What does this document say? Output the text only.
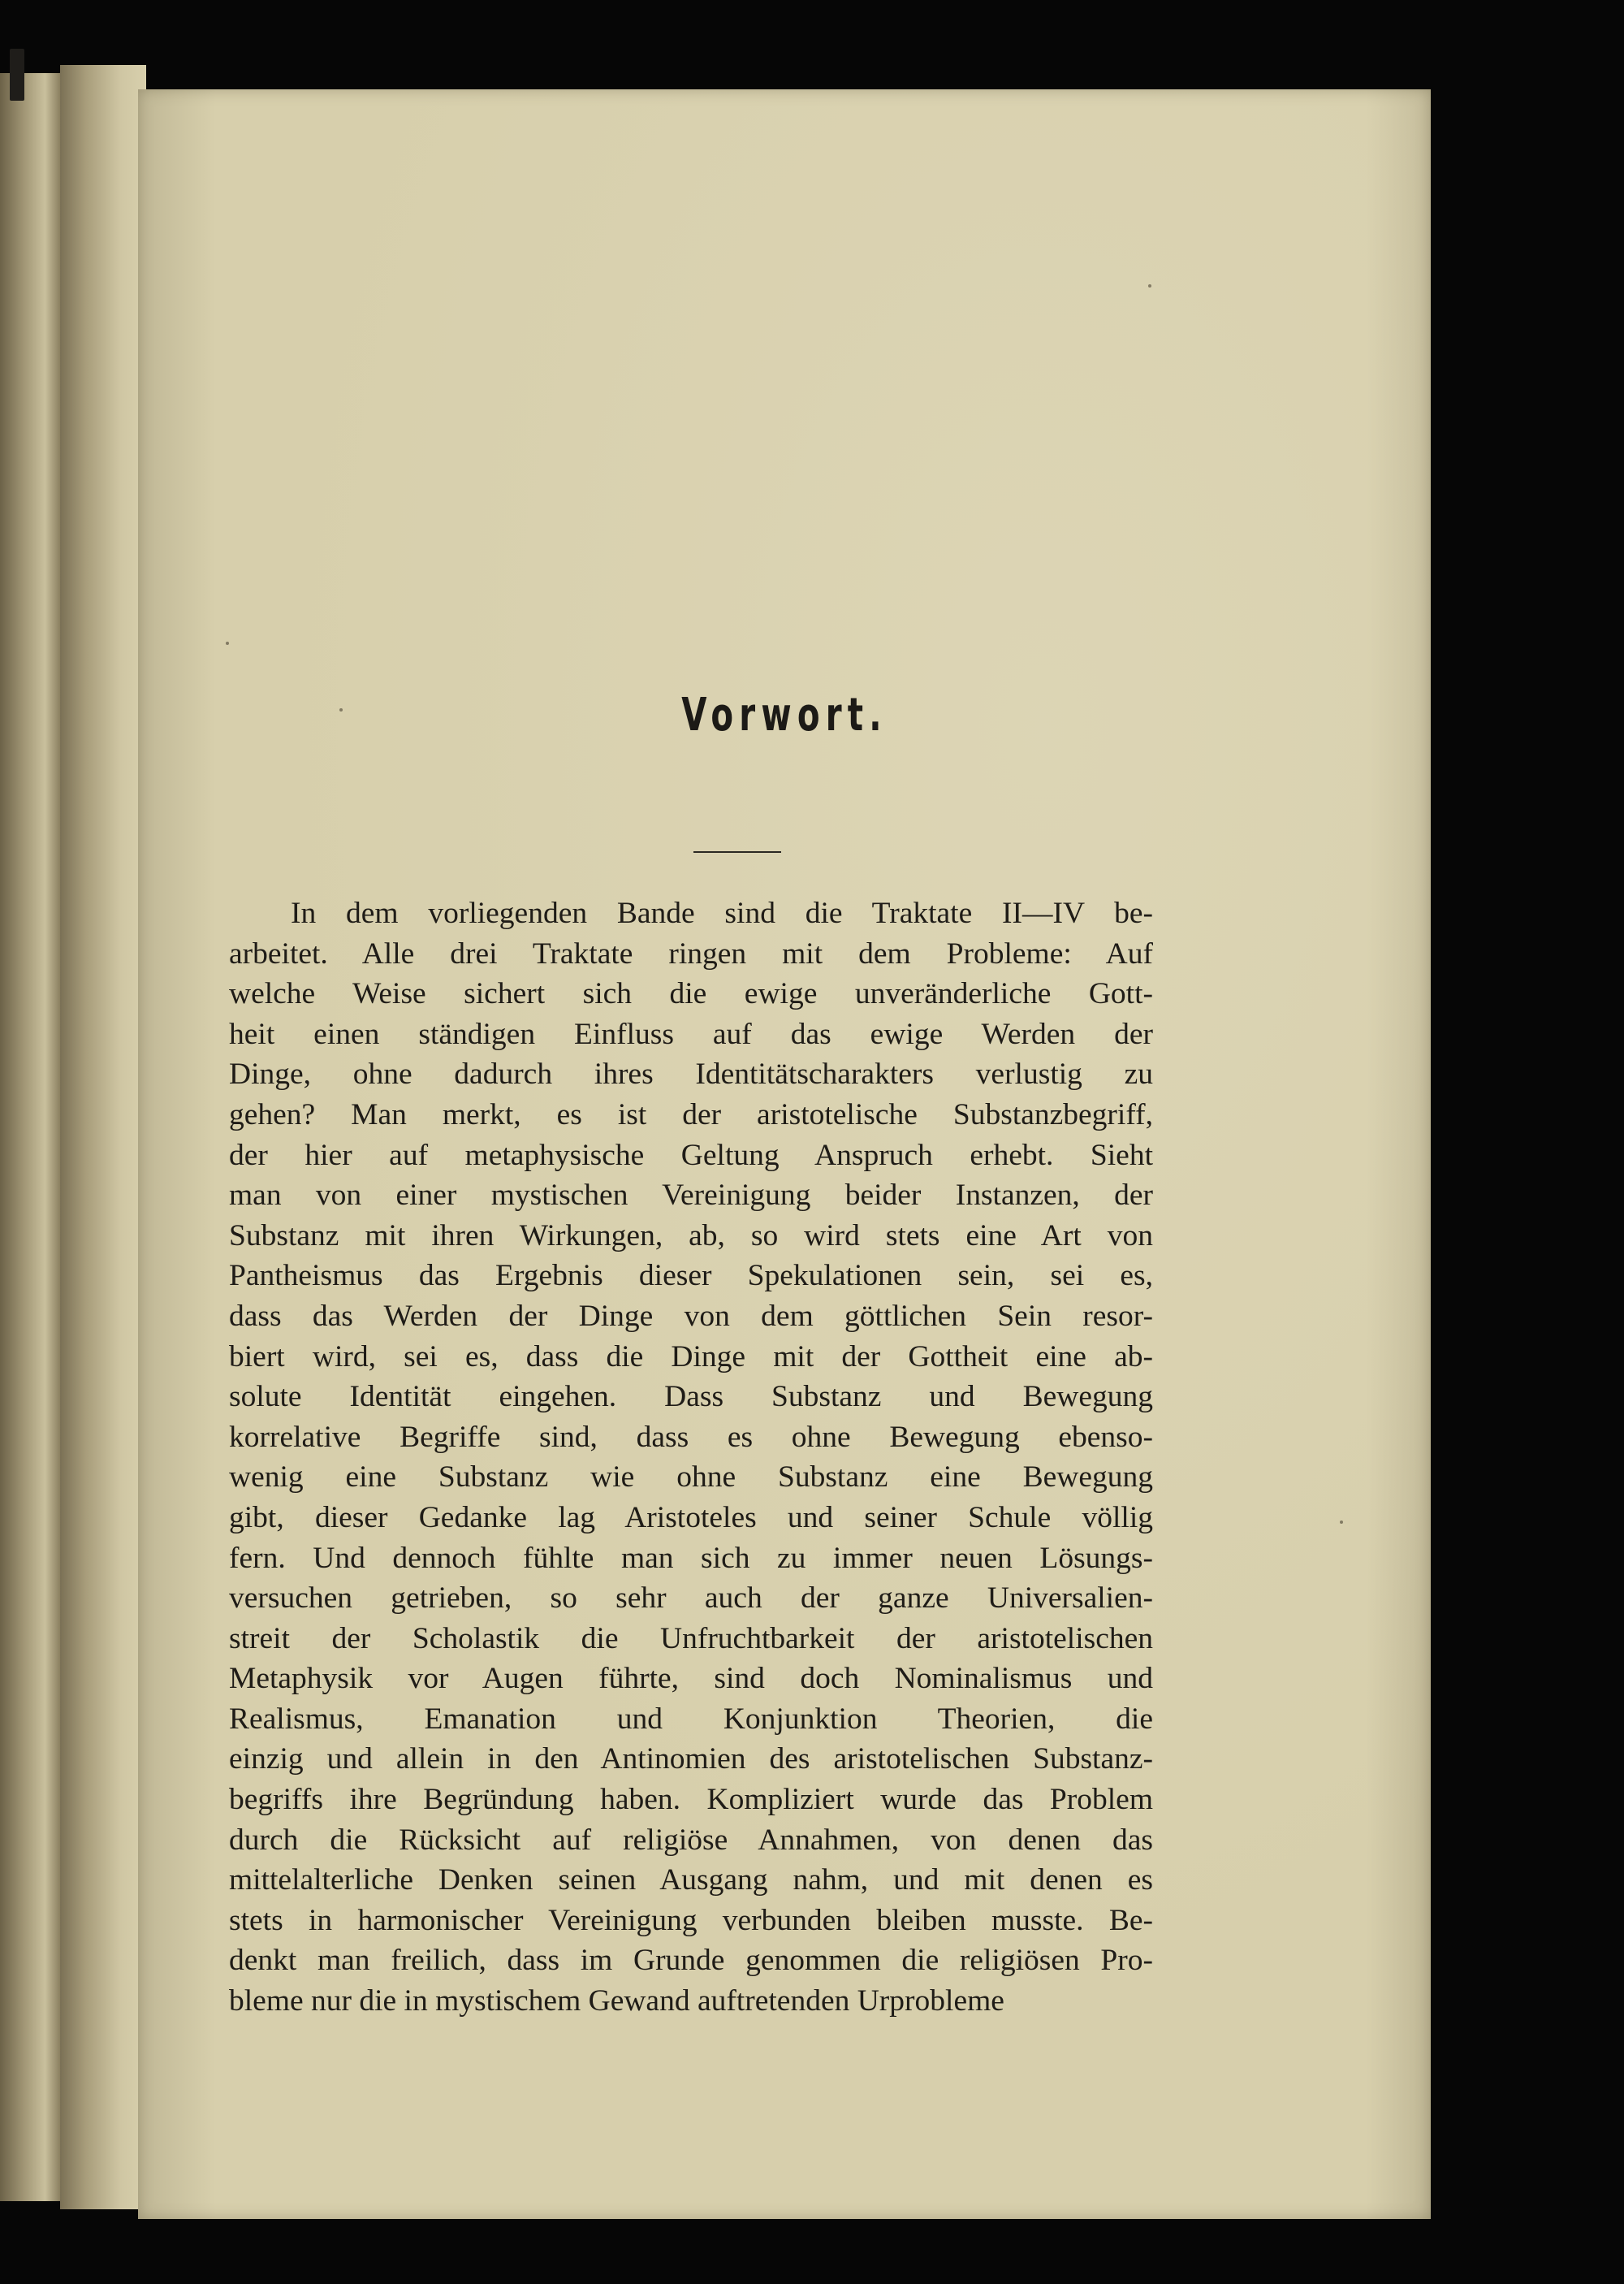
Vorwort.
In dem vorliegenden Bande sind die Traktate II—IV be-
arbeitet. Alle drei Traktate ringen mit dem Probleme: Auf
welche Weise sichert sich die ewige unveränderliche Gott-
heit einen ständigen Einfluss auf das ewige Werden der
Dinge, ohne dadurch ihres Identitätscharakters verlustig zu
gehen? Man merkt, es ist der aristotelische Substanzbegriff,
der hier auf metaphysische Geltung Anspruch erhebt. Sieht
man von einer mystischen Vereinigung beider Instanzen, der
Substanz mit ihren Wirkungen, ab, so wird stets eine Art von
Pantheismus das Ergebnis dieser Spekulationen sein, sei es,
dass das Werden der Dinge von dem göttlichen Sein resor-
biert wird, sei es, dass die Dinge mit der Gottheit eine ab-
solute Identität eingehen. Dass Substanz und Bewegung
korrelative Begriffe sind, dass es ohne Bewegung ebenso-
wenig eine Substanz wie ohne Substanz eine Bewegung
gibt, dieser Gedanke lag Aristoteles und seiner Schule völlig
fern. Und dennoch fühlte man sich zu immer neuen Lösungs-
versuchen getrieben, so sehr auch der ganze Universalien-
streit der Scholastik die Unfruchtbarkeit der aristotelischen
Metaphysik vor Augen führte, sind doch Nominalismus und
Realismus, Emanation und Konjunktion Theorien, die
einzig und allein in den Antinomien des aristotelischen Substanz-
begriffs ihre Begründung haben. Kompliziert wurde das Problem
durch die Rücksicht auf religiöse Annahmen, von denen das
mittelalterliche Denken seinen Ausgang nahm, und mit denen es
stets in harmonischer Vereinigung verbunden bleiben musste. Be-
denkt man freilich, dass im Grunde genommen die religiösen Pro-
bleme nur die in mystischem Gewand auftretenden Urprobleme
